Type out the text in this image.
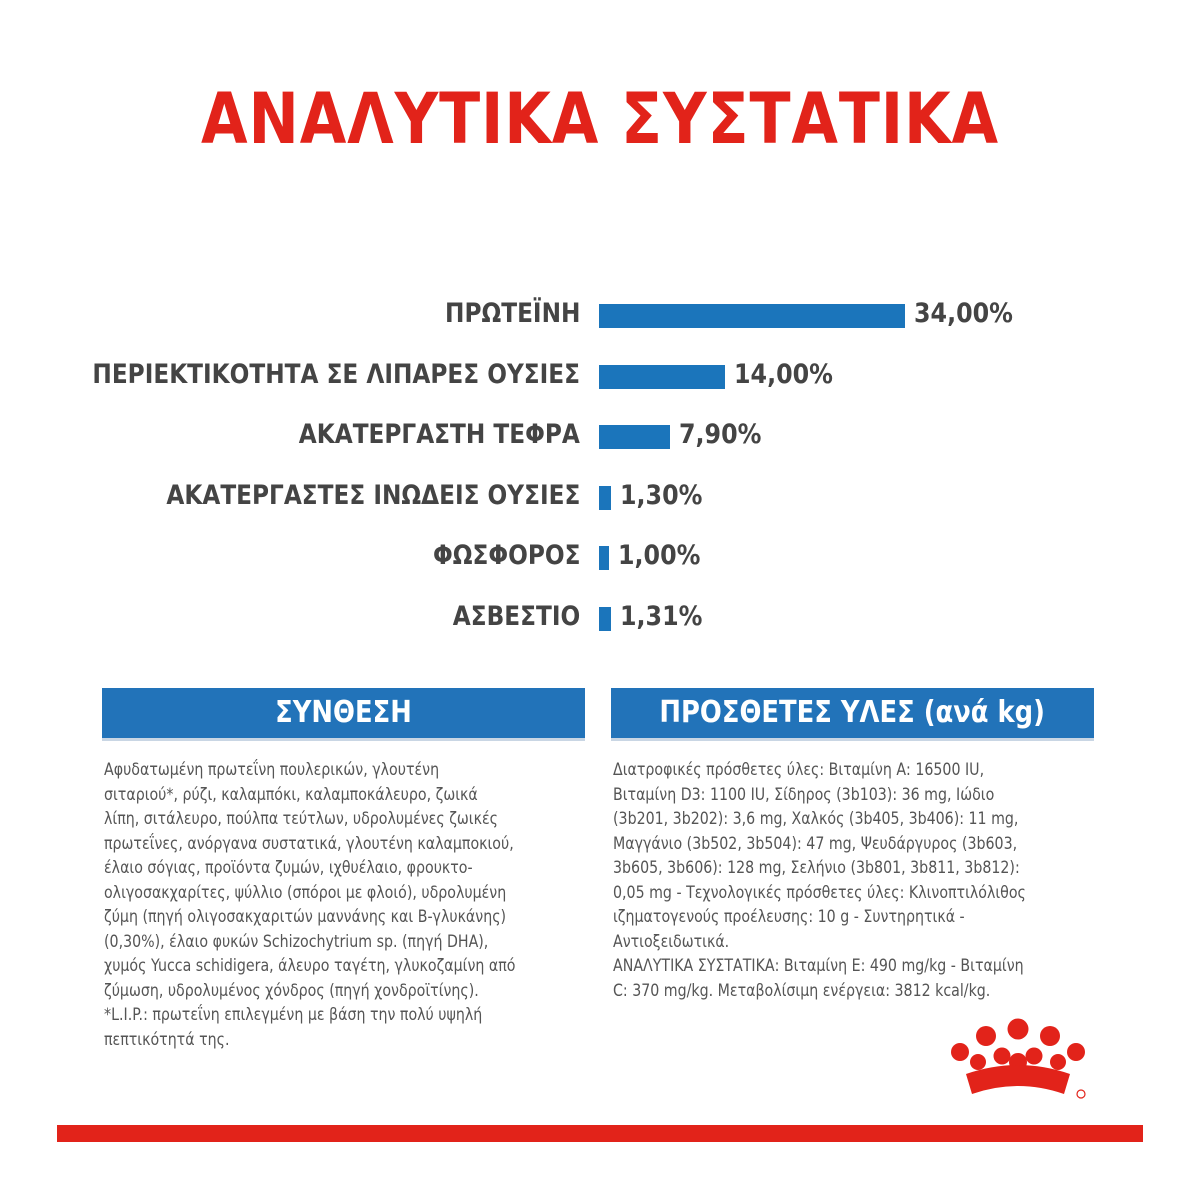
ΑΝΑΛΥΤΙΚΑ ΣΥΣΤΑΤΙΚΑ
ΠΡΩΤΕΪΝΗ	34,00%
ΠΕΡΙΕΚΤΙΚΟΤΗΤΑ ΣΕ ΛΙΠΑΡΕΣ ΟΥΣΙΕΣ	14,00%
ΑΚΑΤΕΡΓΑΣΤΗ ΤΕΦΡΑ	7,90%
ΑΚΑΤΕΡΓΑΣΤΕΣ ΙΝΩΔΕΙΣ ΟΥΣΙΕΣ 1,30%
ΦΩΣΦΟΡΟΣ 1,00%
ΑΣΒΕΣΤΙΟ 1,31%
ΣΥΝΘΕΣΗ	ΠΡΟΣΘΕΤΕΣ ΥΛΕΣ (ανά kg)
Αφυδατωμένη πρωτεΐνη πουλερικών, γλουτένη
σιταριού*, ρύζι, καλαμπόκι, καλαμποκάλευρο, ζωικά
λίπη, σιτάλευρο, πούλπα τεύτλων, υδρολυμένες ζωικές
πρωτεΐνες, ανόργανα συστατικά, γλουτένη καλαμποκιού,
έλαιο σόγιας, προϊόντα ζυμών, ιχθυέλαιο, φρουκτο-
ολιγοσακχαρίτες, ψύλλιο (σπόροι με φλοιό), υδρολυμένη
ζύμη (πηγή ολιγοσακχαριτών μαννάνης και Β-γλυκάνης)
(0,30%), έλαιο φυκών Schizochytrium sp. (πηγή DHA),
χυμός Yucca schidigera, άλευρο ταγέτη, γλυκοζαμίνη από
ζύμωση, υδρολυμένος χόνδρος (πηγή χονδροϊτίνης).
*L.I.P.: πρωτεΐνη επιλεγμένη με βάση την πολύ υψηλή
πεπτικότητά της.
Διατροφικές πρόσθετες ύλες: Βιταμίνη Α: 16500 IU,
Βιταμίνη D3: 1100 IU, Σίδηρος (3b103): 36 mg, Ιώδιο
(3b201, 3b202): 3,6 mg, Χαλκός (3b405, 3b406): 11 mg,
Μαγγάνιο (3b502, 3b504): 47 mg, Ψευδάργυρος (3b603,
3b605, 3b606): 128 mg, Σελήνιο (3b801, 3b811, 3b812):
0,05 mg - Τεχνολογικές πρόσθετες ύλες: Κλινοπτιλόλιθος
ιζηματογενούς προέλευσης: 10 g - Συντηρητικά -
Αντιοξειδωτικά.
ΑΝΑΛΥΤΙΚΑ ΣΥΣΤΑΤΙΚΑ: Βιταμίνη E: 490 mg/kg - Βιταμίνη
C: 370 mg/kg. Μεταβολίσιμη ενέργεια: 3812 kcal/kg.
